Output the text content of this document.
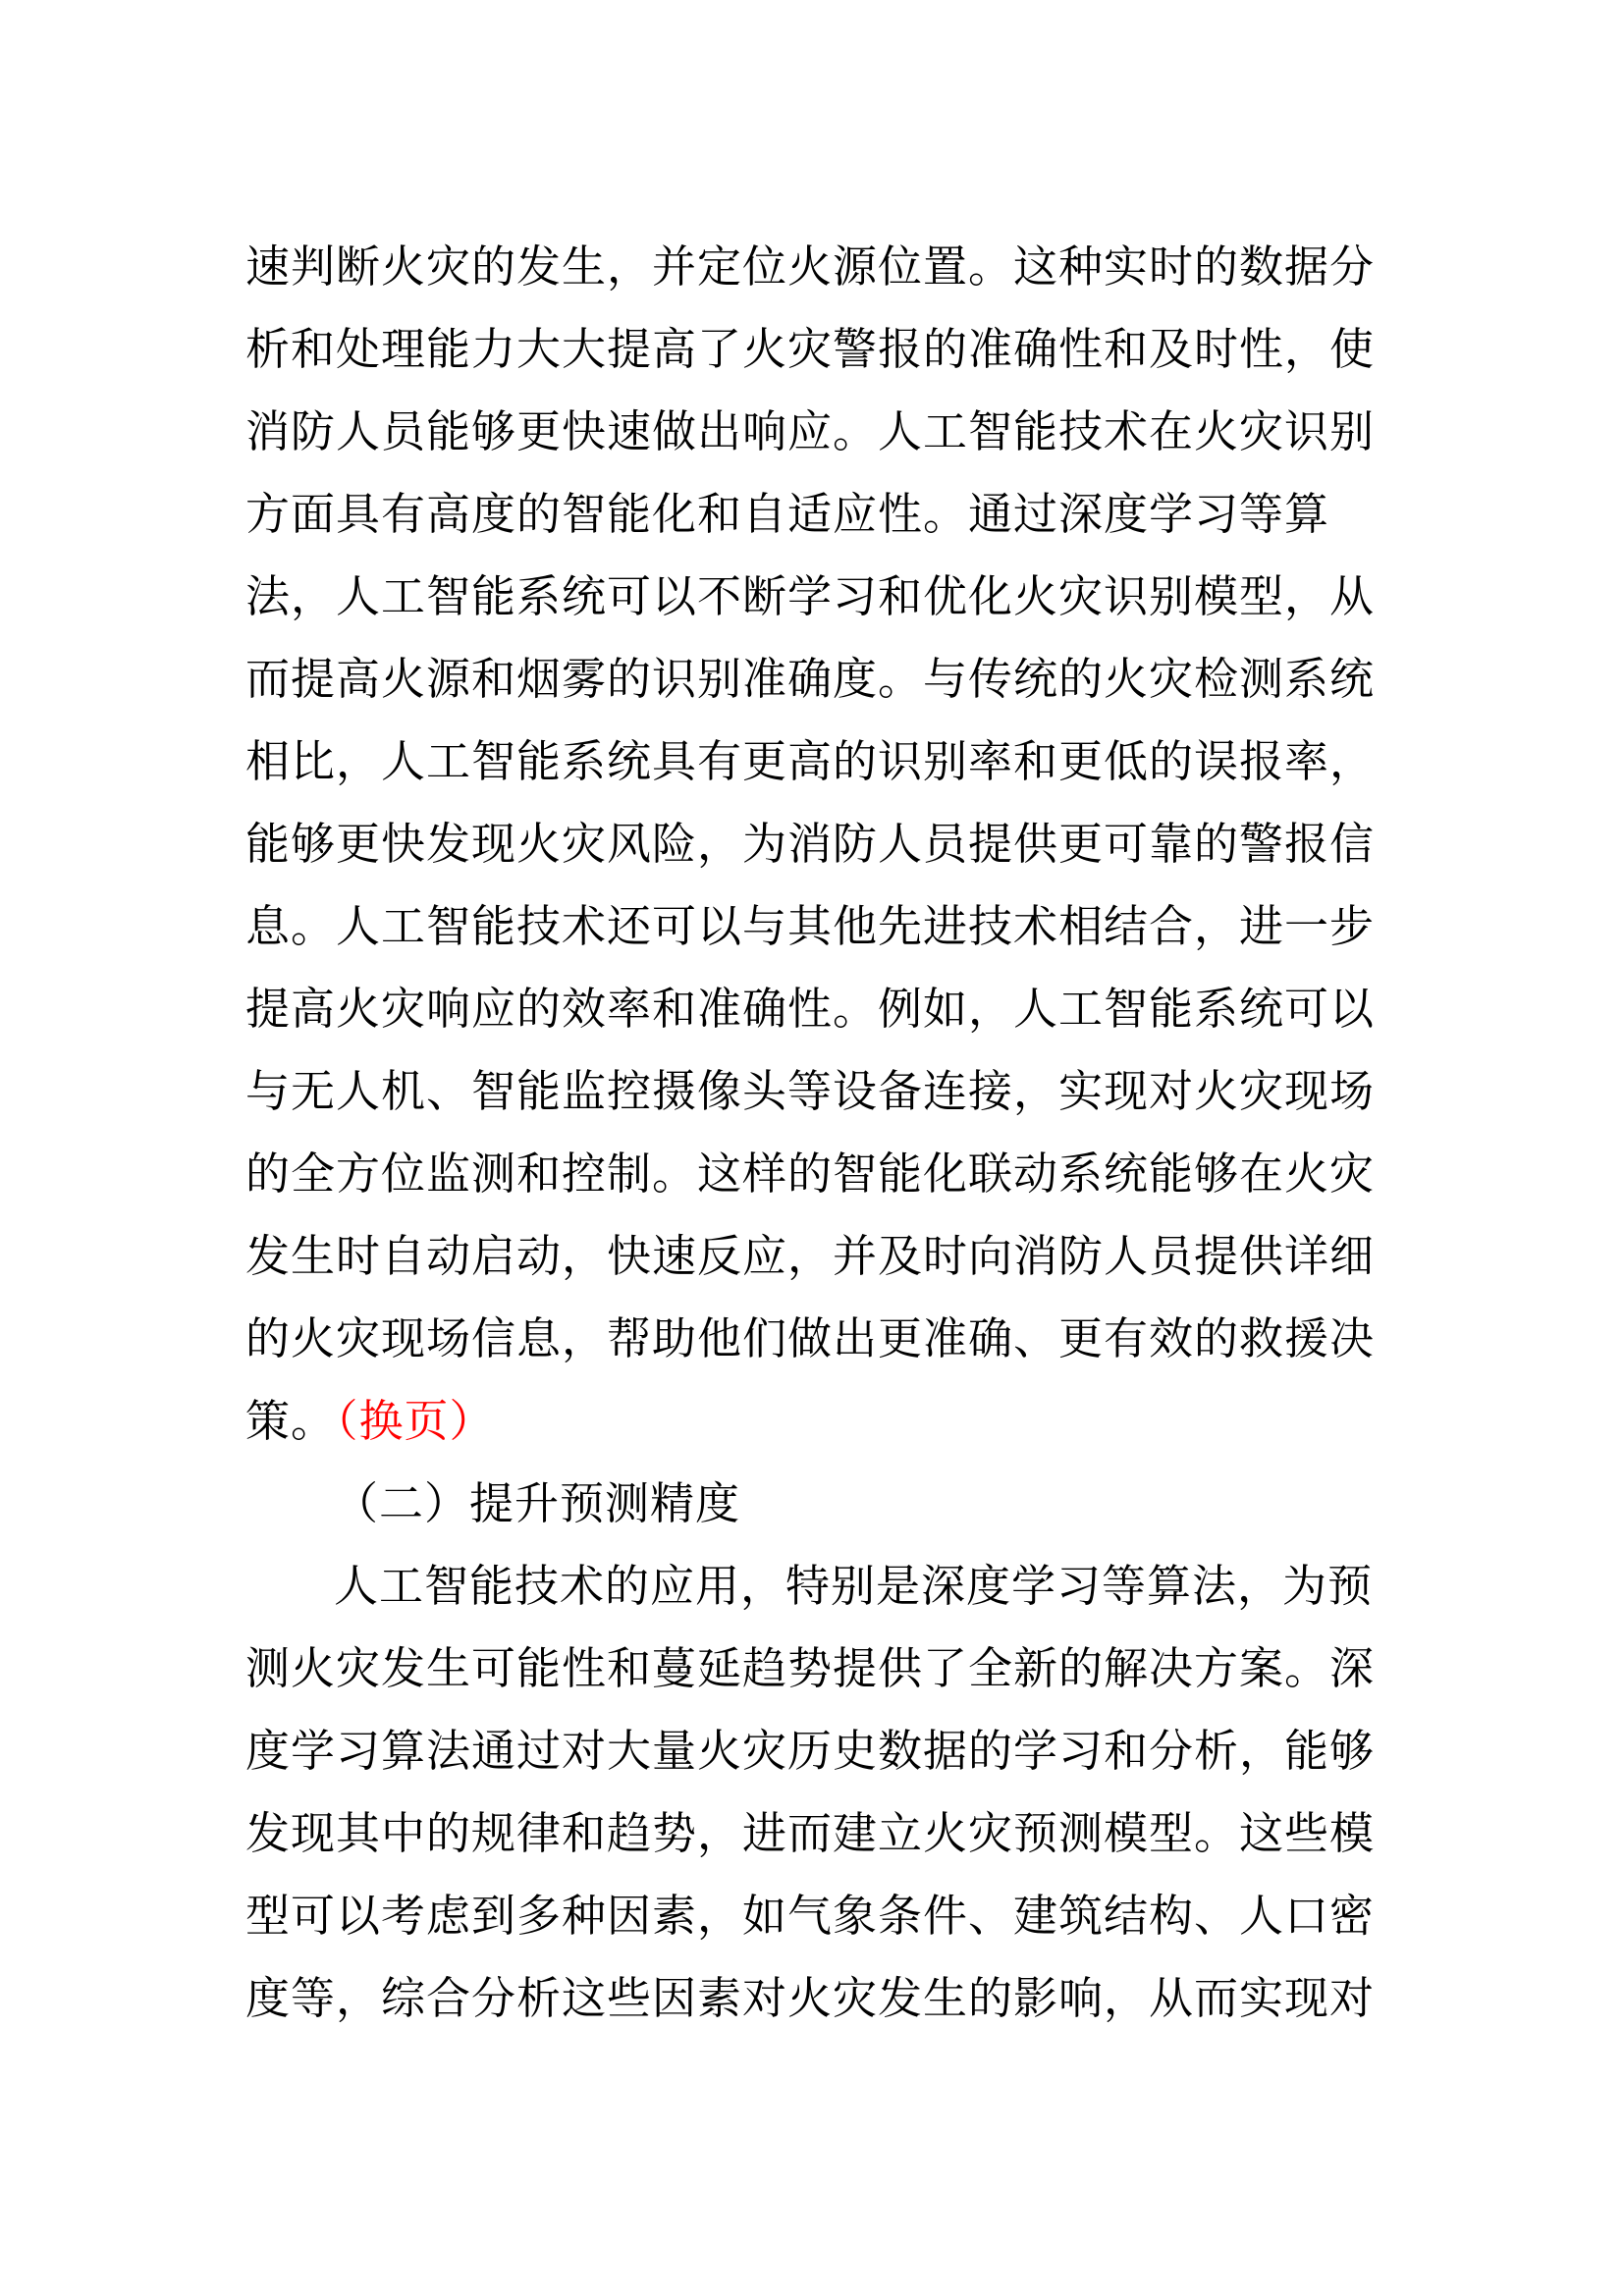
速判断火灾的发生，并定位火源位置。这种实时的数据分
析和处理能力大大提高了火灾警报的准确性和及时性，使
消防人员能够更快速做出响应。人工智能技术在火灾识别
方面具有高度的智能化和自适应性。通过深度学习等算
法，人工智能系统可以不断学习和优化火灾识别模型，从
而提高火源和烟雾的识别准确度。与传统的火灾检测系统
相比，人工智能系统具有更高的识别率和更低的误报率，
能够更快发现火灾风险，为消防人员提供更可靠的警报信
息。人工智能技术还可以与其他先进技术相结合，进一步
提高火灾响应的效率和准确性。例如，人工智能系统可以
与无人机、智能监控摄像头等设备连接，实现对火灾现场
的全方位监测和控制。这样的智能化联动系统能够在火灾
发生时自动启动，快速反应，并及时向消防人员提供详细
的火灾现场信息，帮助他们做出更准确、更有效的救援决
策。（换页）
（二）提升预测精度
人工智能技术的应用，特别是深度学习等算法，为预
测火灾发生可能性和蔓延趋势提供了全新的解决方案。深
度学习算法通过对大量火灾历史数据的学习和分析，能够
发现其中的规律和趋势，进而建立火灾预测模型。这些模
型可以考虑到多种因素，如气象条件、建筑结构、人口密
度等，综合分析这些因素对火灾发生的影响，从而实现对
